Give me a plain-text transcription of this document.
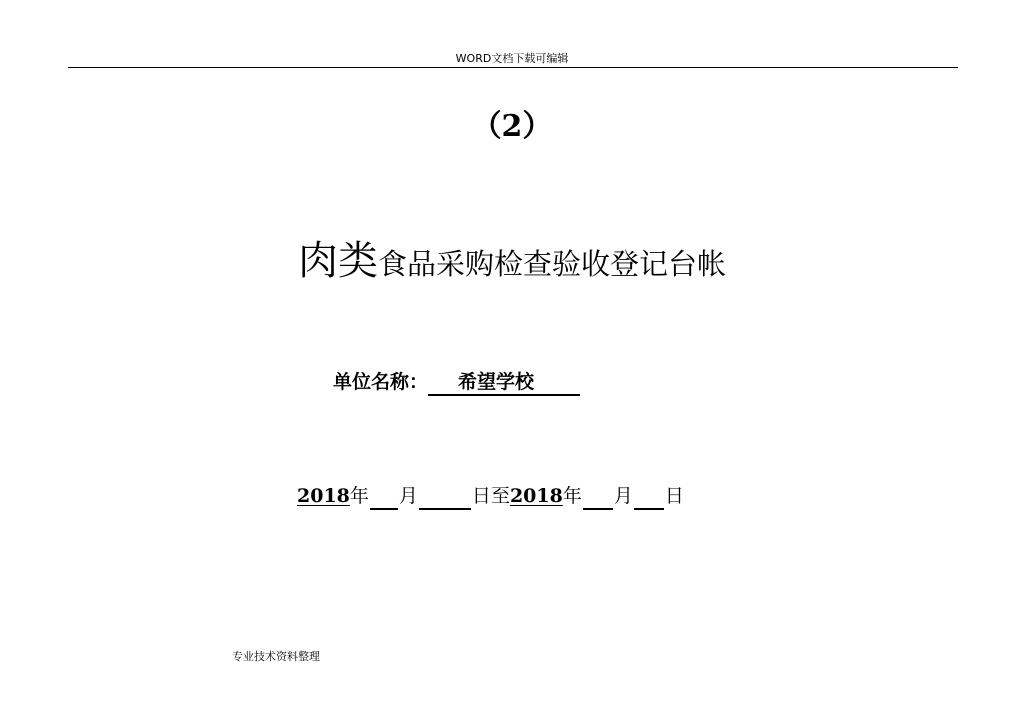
WORD文档下载可编辑
（2）
肉类食品采购检查验收登记台帐
单位名称： 希望学校
2018年 月	日至2018年 月 日
专业技术资料整理
